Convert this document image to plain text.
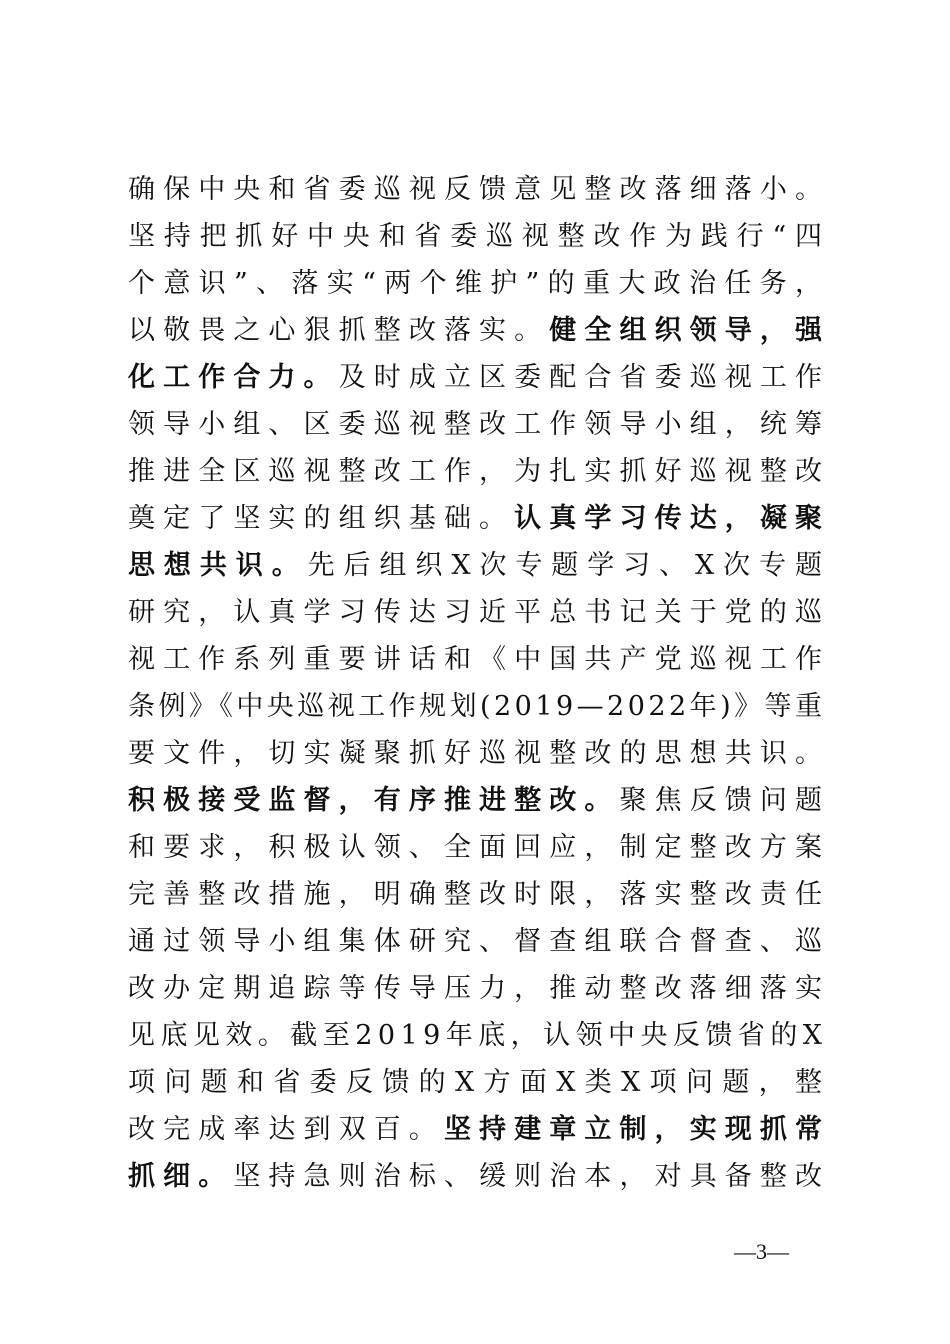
确保中央和省委巡视反馈意见整改落细落小。
坚持把抓好中央和省委巡视整改作为践行“四
个意识”、落实“两个维护”的重大政治任务，
以敬畏之心狠抓整改落实。健全组织领导，强
化工作合力。及时成立区委配合省委巡视工作
领导小组、区委巡视整改工作领导小组，统筹
推进全区巡视整改工作，为扎实抓好巡视整改
奠定了坚实的组织基础。认真学习传达，凝聚
思想共识。先后组织X次专题学习、X次专题
研究，认真学习传达习近平总书记关于党的巡
视工作系列重要讲话和《中国共产党巡视工作
条例》《中央巡视工作规划(2019—2022年)》等重
要文件，切实凝聚抓好巡视整改的思想共识。
积极接受监督，有序推进整改。聚焦反馈问题
和要求，积极认领、全面回应，制定整改方案
完善整改措施，明确整改时限，落实整改责任
通过领导小组集体研究、督查组联合督查、巡
改办定期追踪等传导压力，推动整改落细落实
见底见效。截至2019年底，认领中央反馈省的X
项问题和省委反馈的X方面X类X项问题，整
改完成率达到双百。坚持建章立制，实现抓常
抓细。坚持急则治标、缓则治本，对具备整改
—3—
